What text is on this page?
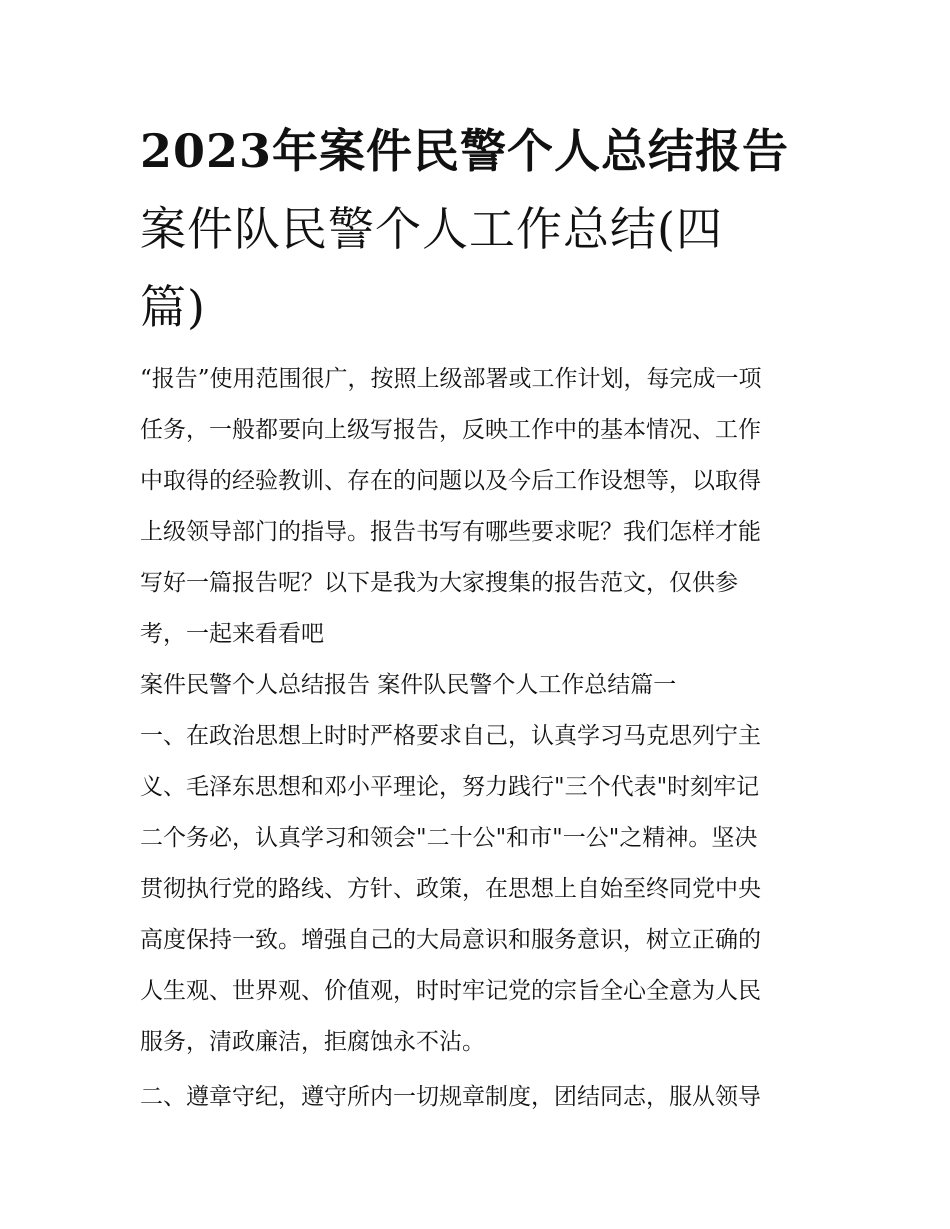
2023年案件民警个人总结报告
案件队民警个人工作总结(四
篇)
“报告”使用范围很广，按照上级部署或工作计划，每完成一项
任务，一般都要向上级写报告，反映工作中的基本情况、工作
中取得的经验教训、存在的问题以及今后工作设想等，以取得
上级领导部门的指导。报告书写有哪些要求呢？我们怎样才能
写好一篇报告呢？以下是我为大家搜集的报告范文，仅供参
考，一起来看看吧
案件民警个人总结报告 案件队民警个人工作总结篇一
一、在政治思想上时时严格要求自己，认真学习马克思列宁主
义、毛泽东思想和邓小平理论，努力践行"三个代表"时刻牢记
二个务必，认真学习和领会"二十公"和市"一公"之精神。坚决
贯彻执行党的路线、方针、政策，在思想上自始至终同党中央
高度保持一致。增强自己的大局意识和服务意识，树立正确的
人生观、世界观、价值观，时时牢记党的宗旨全心全意为人民
服务，清政廉洁，拒腐蚀永不沾。
二、遵章守纪，遵守所内一切规章制度，团结同志，服从领导
